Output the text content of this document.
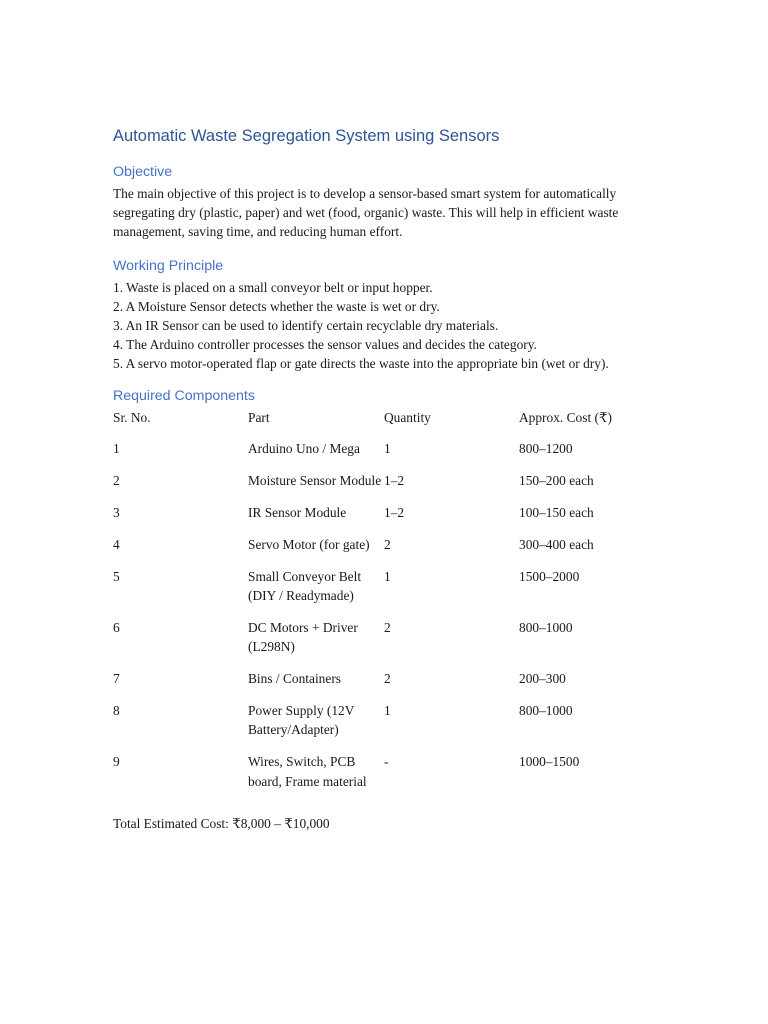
Automatic Waste Segregation System using Sensors
Objective

The main objective of this project is to develop a sensor-based smart system for automatically segregating dry (plastic, paper) and wet (food, organic) waste. This will help in efficient waste management, saving time, and reducing human effort.

Working Principle
1. Waste is placed on a small conveyor belt or input hopper.
2. A Moisture Sensor detects whether the waste is wet or dry.
3. An IR Sensor can be used to identify certain recyclable dry materials.
4. The Arduino controller processes the sensor values and decides the category.
5. A servo motor-operated flap or gate directs the waste into the appropriate bin (wet or dry).
Required Components
Sr. No.	Part	Quantity	Approx. Cost (₹)
1	Arduino Uno / Mega	1	800–1200
2	Moisture Sensor Module	1–2	150–200 each
3	IR Sensor Module	1–2	100–150 each
4	Servo Motor (for gate)	2	300–400 each
5	Small Conveyor Belt (DIY / Readymade)	1	1500–2000
6	DC Motors + Driver (L298N)	2	800–1000
7	Bins / Containers	2	200–300
8	Power Supply (12V Battery/Adapter)	1	800–1000
9	Wires, Switch, PCB board, Frame material	-	1000–1500

Total Estimated Cost: ₹8,000 – ₹10,000
